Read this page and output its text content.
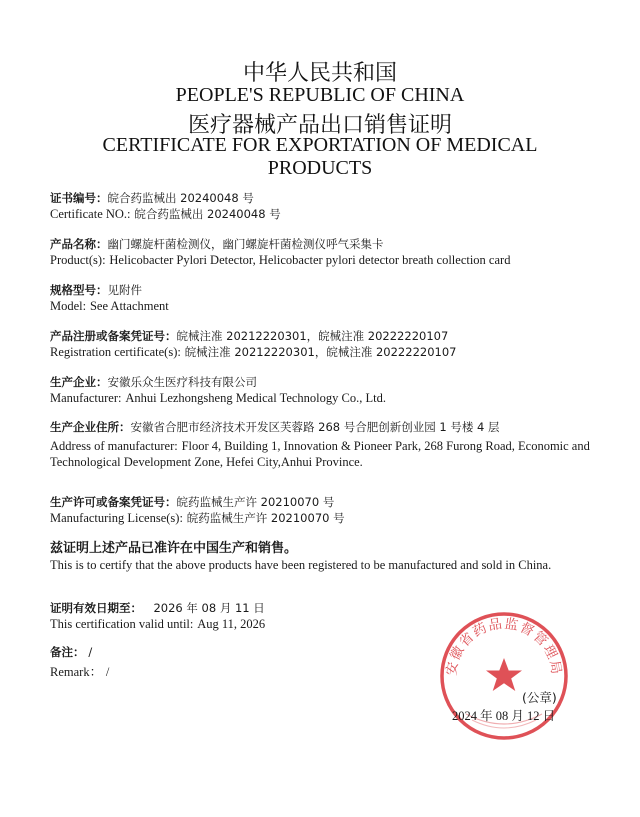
中华人民共和国
PEOPLE'S REPUBLIC OF CHINA
医疗器械产品出口销售证明
CERTIFICATE FOR EXPORTATION OF MEDICAL
PRODUCTS
证书编号：皖合药监械出 20240048 号
Certificate NO.: 皖合药监械出 20240048 号
产品名称：幽门螺旋杆菌检测仪，幽门螺旋杆菌检测仪呼气采集卡
Product(s): Helicobacter Pylori Detector, Helicobacter pylori detector breath collection card
规格型号：见附件
Model: See Attachment
产品注册或备案凭证号：皖械注准 20212220301，皖械注准 20222220107
Registration certificate(s): 皖械注准 20212220301，皖械注准 20222220107
生产企业：安徽乐众生医疗科技有限公司
Manufacturer: Anhui Lezhongsheng Medical Technology Co., Ltd.
生产企业住所：安徽省合肥市经济技术开发区芙蓉路 268 号合肥创新创业园 1 号楼 4 层
Address of manufacturer: Floor 4, Building 1, Innovation & Pioneer Park, 268 Furong Road, Economic and Technological Development Zone, Hefei City,Anhui Province.
生产许可或备案凭证号：皖药监械生产许 20210070 号
Manufacturing License(s): 皖药监械生产许 20210070 号
兹证明上述产品已准许在中国生产和销售。
This is to certify that the above products have been registered to be manufactured and sold in China.
证明有效日期至： 2026 年 08 月 11 日
This certification valid until: Aug 11, 2026
备注： /
Remark： /	安徽省药品监督管理局
(公章)
2024 年 08 月 12 日
